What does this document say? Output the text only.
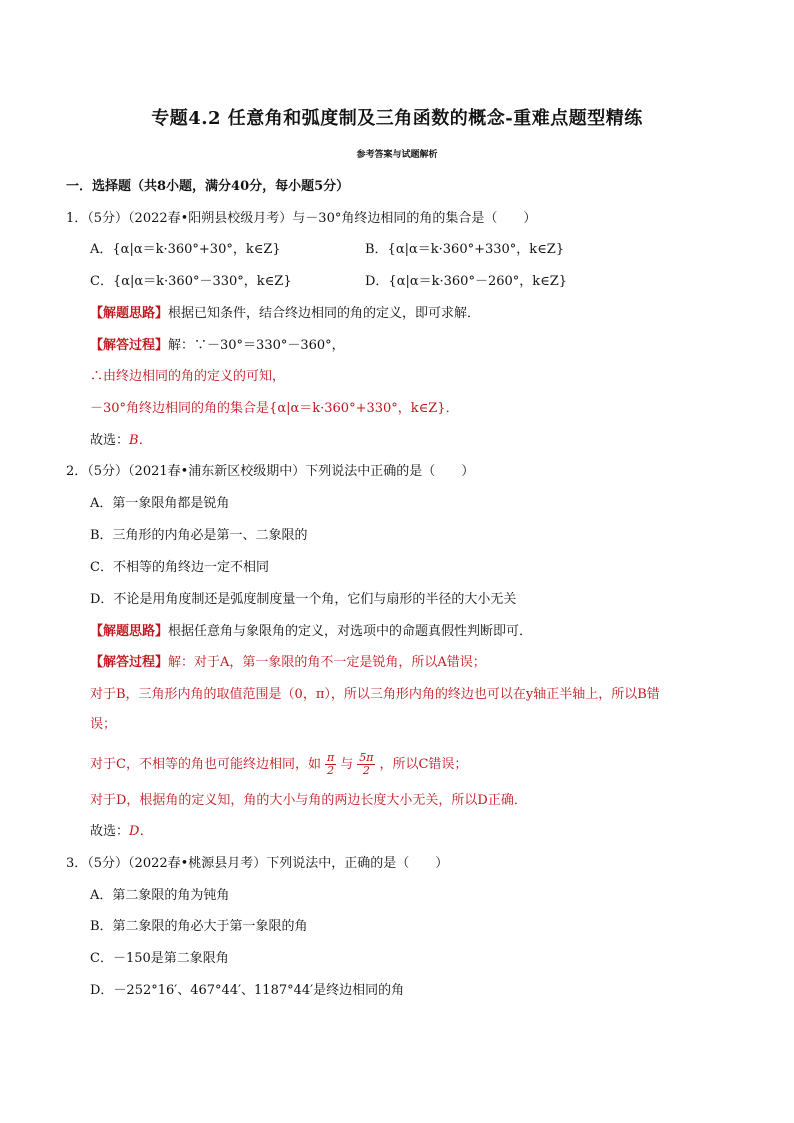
专题4.2 任意角和弧度制及三角函数的概念-重难点题型精练
参考答案与试题解析
一．选择题（共8小题，满分40分，每小题5分）
1．（5分）（2022春•阳朔县校级月考）与－30°角终边相同的角的集合是（　　）
A．{α|α＝k·360°+30°，k∈Z}	B．{α|α＝k·360°+330°，k∈Z}
C．{α|α＝k·360°－330°，k∈Z}	D．{α|α＝k·360°－260°，k∈Z}
【解题思路】根据已知条件，结合终边相同的角的定义，即可求解．
【解答过程】解：∵－30°＝330°－360°，
∴由终边相同的角的定义的可知，
－30°角终边相同的角的集合是{α|α＝k·360°+330°，k∈Z}．
故选：B．
2．（5分）（2021春•浦东新区校级期中）下列说法中正确的是（　　）
A．第一象限角都是锐角
B．三角形的内角必是第一、二象限的
C．不相等的角终边一定不相同
D．不论是用角度制还是弧度制度量一个角，它们与扇形的半径的大小无关
【解题思路】根据任意角与象限角的定义，对选项中的命题真假性判断即可．
【解答过程】解：对于A，第一象限的角不一定是锐角，所以A错误；
对于B，三角形内角的取值范围是（0，π），所以三角形内角的终边也可以在y轴正半轴上，所以B错
误；
对于C，不相等的角也可能终边相同，如 $\frac{\pi}{2}$ 与 $\frac{5\pi}{2}$ ，所以C错误；
对于D，根据角的定义知，角的大小与角的两边长度大小无关，所以D正确．
故选：D．
3．（5分）（2022春•桃源县月考）下列说法中，正确的是（　　）
A．第二象限的角为钝角
B．第二象限的角必大于第一象限的角
C．－150是第二象限角
D．－252°16′、467°44′、1187°44′是终边相同的角
